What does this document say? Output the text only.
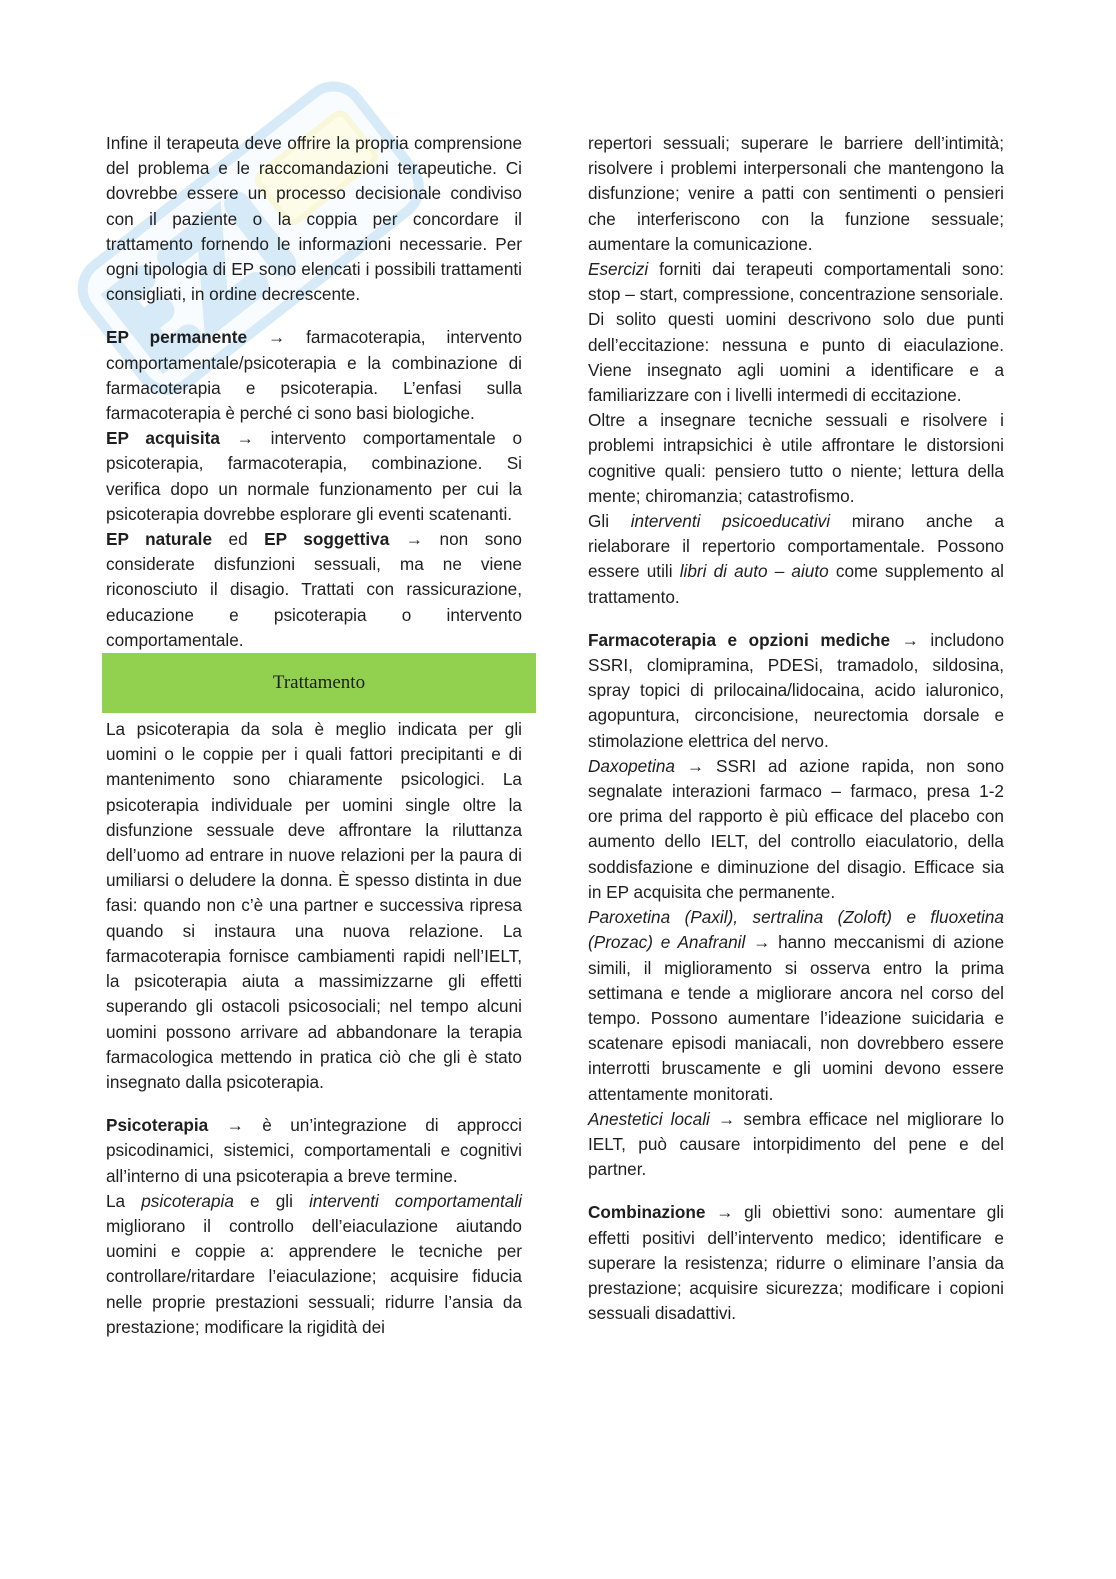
Infine il terapeuta deve offrire la propria comprensione del problema e le raccomandazioni terapeutiche. Ci dovrebbe essere un processo decisionale condiviso con il paziente o la coppia per concordare il trattamento fornendo le informazioni necessarie. Per ogni tipologia di EP sono elencati i possibili trattamenti consigliati, in ordine decrescente.

EP permanente → farmacoterapia, intervento comportamentale/psicoterapia e la combinazione di farmacoterapia e psicoterapia. L’enfasi sulla farmacoterapia è perché ci sono basi biologiche.

EP acquisita → intervento comportamentale o psicoterapia, farmacoterapia, combinazione. Si verifica dopo un normale funzionamento per cui la psicoterapia dovrebbe esplorare gli eventi scatenanti.

EP naturale ed EP soggettiva → non sono considerate disfunzioni sessuali, ma ne viene riconosciuto il disagio. Trattati con rassicurazione, educazione e psicoterapia o intervento comportamentale.

Trattamento

La psicoterapia da sola è meglio indicata per gli uomini o le coppie per i quali fattori precipitanti e di mantenimento sono chiaramente psicologici. La psicoterapia individuale per uomini single oltre la disfunzione sessuale deve affrontare la riluttanza dell’uomo ad entrare in nuove relazioni per la paura di umiliarsi o deludere la donna. È spesso distinta in due fasi: quando non c’è una partner e successiva ripresa quando si instaura una nuova relazione. La farmacoterapia fornisce cambiamenti rapidi nell’IELT, la psicoterapia aiuta a massimizzarne gli effetti superando gli ostacoli psicosociali; nel tempo alcuni uomini possono arrivare ad abbandonare la terapia farmacologica mettendo in pratica ciò che gli è stato insegnato dalla psicoterapia.

Psicoterapia → è un’integrazione di approcci psicodinamici, sistemici, comportamentali e cognitivi all’interno di una psicoterapia a breve termine.

La psicoterapia e gli interventi comportamentali migliorano il controllo dell’eiaculazione aiutando uomini e coppie a: apprendere le tecniche per controllare/ritardare l’eiaculazione; acquisire fiducia nelle proprie prestazioni sessuali; ridurre l’ansia da prestazione; modificare la rigidità dei

repertori sessuali; superare le barriere dell’intimità; risolvere i problemi interpersonali che mantengono la disfunzione; venire a patti con sentimenti o pensieri che interferiscono con la funzione sessuale; aumentare la comunicazione.

Esercizi forniti dai terapeuti comportamentali sono: stop – start, compressione, concentrazione sensoriale.

Di solito questi uomini descrivono solo due punti dell’eccitazione: nessuna e punto di eiaculazione. Viene insegnato agli uomini a identificare e a familiarizzare con i livelli intermedi di eccitazione.

Oltre a insegnare tecniche sessuali e risolvere i problemi intrapsichici è utile affrontare le distorsioni cognitive quali: pensiero tutto o niente; lettura della mente; chiromanzia; catastrofismo.

Gli interventi psicoeducativi mirano anche a rielaborare il repertorio comportamentale. Possono essere utili libri di auto – aiuto come supplemento al trattamento.

Farmacoterapia e opzioni mediche → includono SSRI, clomipramina, PDESi, tramadolo, sildosina, spray topici di prilocaina/lidocaina, acido ialuronico, agopuntura, circoncisione, neurectomia dorsale e stimolazione elettrica del nervo.

Daxopetina → SSRI ad azione rapida, non sono segnalate interazioni farmaco – farmaco, presa 1-2 ore prima del rapporto è più efficace del placebo con aumento dello IELT, del controllo eiaculatorio, della soddisfazione e diminuzione del disagio. Efficace sia in EP acquisita che permanente.

Paroxetina (Paxil), sertralina (Zoloft) e fluoxetina (Prozac) e Anafranil → hanno meccanismi di azione simili, il miglioramento si osserva entro la prima settimana e tende a migliorare ancora nel corso del tempo. Possono aumentare l’ideazione suicidaria e scatenare episodi maniacali, non dovrebbero essere interrotti bruscamente e gli uomini devono essere attentamente monitorati.

Anestetici locali → sembra efficace nel migliorare lo IELT, può causare intorpidimento del pene e del partner.

Combinazione → gli obiettivi sono: aumentare gli effetti positivi dell’intervento medico; identificare e superare la resistenza; ridurre o eliminare l’ansia da prestazione; acquisire sicurezza; modificare i copioni sessuali disadattivi.
